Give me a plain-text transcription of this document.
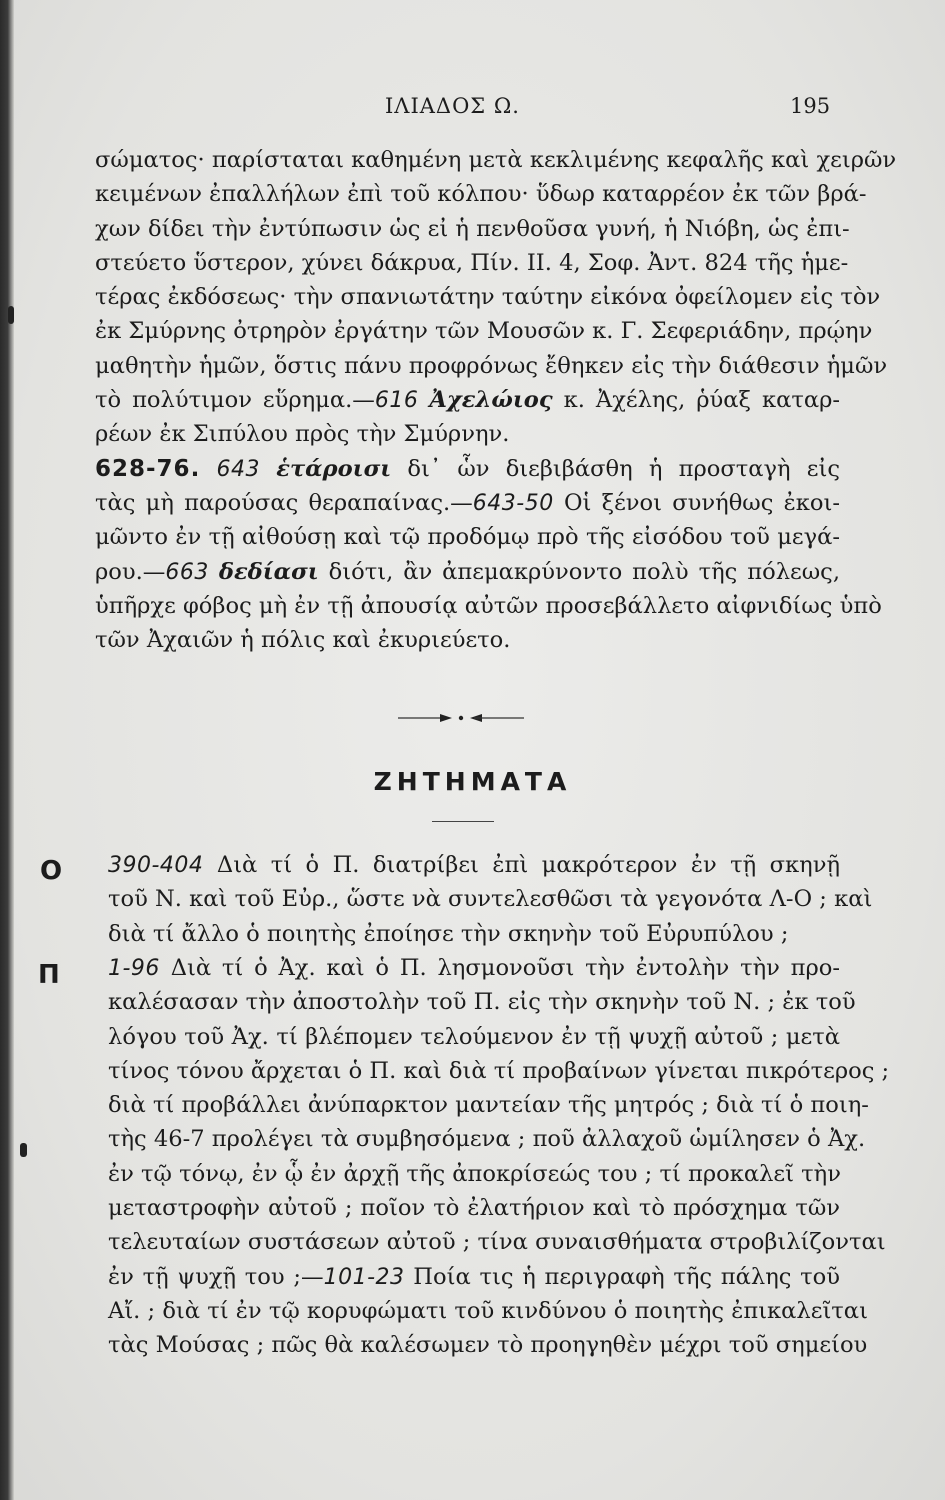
ΙΛΙΑΔΟΣ Ω.	195
σώματος· παρίσταται καθημένη μετὰ κεκλιμένης κεφαλῆς καὶ χειρῶν
κειμένων ἐπαλλήλων ἐπὶ τοῦ κόλπου· ὕδωρ καταρρέον ἐκ τῶν βρά-
χων δίδει τὴν ἐντύπωσιν ὡς εἰ ἡ πενθοῦσα γυνή, ἡ Νιόβη, ὡς ἐπι-
στεύετο ὕστερον, χύνει δάκρυα, Πίν. ΙΙ. 4, Σοφ. Ἀντ. 824 τῆς ἡμε-
τέρας ἐκδόσεως· τὴν σπανιωτάτην ταύτην εἰκόνα ὀφείλομεν εἰς τὸν
ἐκ Σμύρνης ὀτρηρὸν ἐργάτην τῶν Μουσῶν κ. Γ. Σεφεριάδην, πρῴην
μαθητὴν ἡμῶν, ὅστις πάνυ προφρόνως ἔθηκεν εἰς τὴν διάθεσιν ἡμῶν
τὸ πολύτιμον εὕρημα.—616 Ἀχελώιος κ. Ἀχέλης, ῥύαξ καταρ-
ρέων ἐκ Σιπύλου πρὸς τὴν Σμύρνην.
628-76. 643 ἑτάροισι δι᾽ ὧν διεβιβάσθη ἡ προσταγὴ εἰς
τὰς μὴ παρούσας θεραπαίνας.—643-50 Οἱ ξένοι συνήθως ἐκοι-
μῶντο ἐν τῇ αἰθούσῃ καὶ τῷ προδόμῳ πρὸ τῆς εἰσόδου τοῦ μεγά-
ρου.—663 δεδίασι διότι, ἂν ἀπεμακρύνοντο πολὺ τῆς πόλεως,
ὑπῆρχε φόβος μὴ ἐν τῇ ἀπουσίᾳ αὐτῶν προσεβάλλετο αἰφνιδίως ὑπὸ
τῶν Ἀχαιῶν ἡ πόλις καὶ ἐκυριεύετο.
ΖΗΤΗΜΑΤΑ
Ο 390-404 Διὰ τί ὁ Π. διατρίβει ἐπὶ μακρότερον ἐν τῇ σκηνῇ
τοῦ Ν. καὶ τοῦ Εὐρ., ὥστε νὰ συντελεσθῶσι τὰ γεγονότα Λ-Ο ; καὶ
διὰ τί ἄλλο ὁ ποιητὴς ἐποίησε τὴν σκηνὴν τοῦ Εὐρυπύλου ;
Π 1-96 Διὰ τί ὁ Ἀχ. καὶ ὁ Π. λησμονοῦσι τὴν ἐντολὴν τὴν προ-
καλέσασαν τὴν ἀποστολὴν τοῦ Π. εἰς τὴν σκηνὴν τοῦ Ν. ; ἐκ τοῦ
λόγου τοῦ Ἀχ. τί βλέπομεν τελούμενον ἐν τῇ ψυχῇ αὐτοῦ ; μετὰ
τίνος τόνου ἄρχεται ὁ Π. καὶ διὰ τί προβαίνων γίνεται πικρότερος ;
διὰ τί προβάλλει ἀνύπαρκτον μαντείαν τῆς μητρός ; διὰ τί ὁ ποιη-
τὴς 46-7 προλέγει τὰ συμβησόμενα ; ποῦ ἀλλαχοῦ ὡμίλησεν ὁ Ἀχ.
ἐν τῷ τόνῳ, ἐν ᾧ ἐν ἀρχῇ τῆς ἀποκρίσεώς του ; τί προκαλεῖ τὴν
μεταστροφὴν αὐτοῦ ; ποῖον τὸ ἐλατήριον καὶ τὸ πρόσχημα τῶν
τελευταίων συστάσεων αὐτοῦ ; τίνα συναισθήματα στροβιλίζονται
ἐν τῇ ψυχῇ του ;—101-23 Ποία τις ἡ περιγραφὴ τῆς πάλης τοῦ
Αἴ. ; διὰ τί ἐν τῷ κορυφώματι τοῦ κινδύνου ὁ ποιητὴς ἐπικαλεῖται
τὰς Μούσας ; πῶς θὰ καλέσωμεν τὸ προηγηθὲν μέχρι τοῦ σημείου
